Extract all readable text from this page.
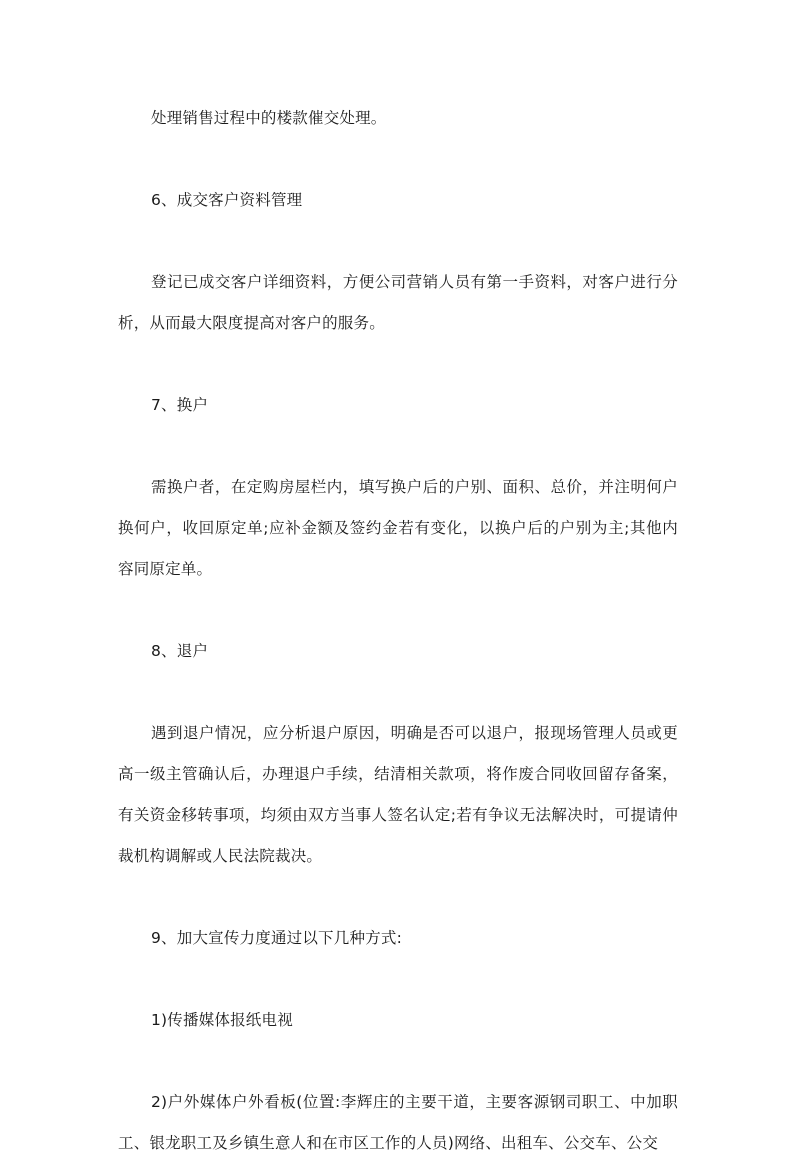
处理销售过程中的楼款催交处理。

6、成交客户资料管理

登记已成交客户详细资料，方便公司营销人员有第一手资料，对客户进行分析，从而最大限度提高对客户的服务。

7、换户

需换户者，在定购房屋栏内，填写换户后的户别、面积、总价，并注明何户换何户，收回原定单;应补金额及签约金若有变化，以换户后的户别为主;其他内容同原定单。

8、退户

遇到退户情况，应分析退户原因，明确是否可以退户，报现场管理人员或更高一级主管确认后，办理退户手续，结清相关款项，将作废合同收回留存备案，有关资金移转事项，均须由双方当事人签名认定;若有争议无法解决时，可提请仲裁机构调解或人民法院裁决。

9、加大宣传力度通过以下几种方式:

1)传播媒体报纸电视

2)户外媒体户外看板(位置:李辉庄的主要干道，主要客源钢司职工、中加职工、银龙职工及乡镇生意人和在市区工作的人员)网络、出租车、公交车、公交
